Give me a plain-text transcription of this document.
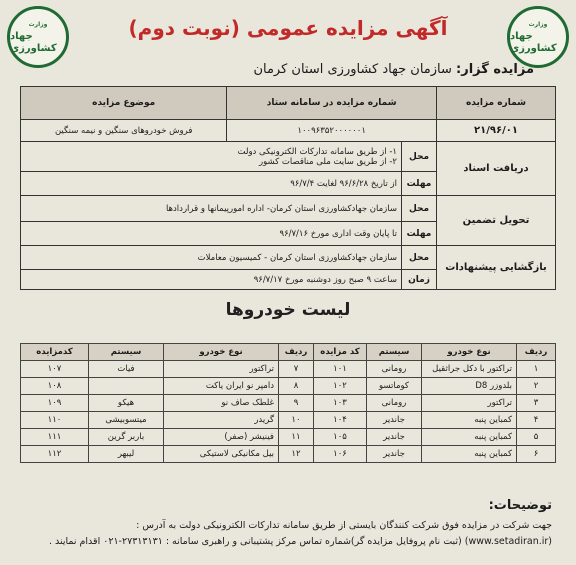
وزارت
جهاد کشاورزی
وزارت
جهاد کشاورزی
آگهی مزایده عمومی (نوبت دوم)
مزایده گزار: سازمان جهاد کشاورزی استان کرمان
شماره مزایده	شماره مزایده در سامانه ستاد		موضوع مزایده
۲۱/۹۶/۰۱	۱۰۰۹۶۳۵۲۰۰۰۰۰۰۱		فروش خودروهای سنگین و نیمه سنگین
دریافت اسناد	محل	۱- از طریق سامانه تدارکات الکترونیکی دولت
۲- از طریق سایت ملی مناقصات کشور	

	مهلت	از تاریخ ۹۶/۶/۲۸ لغایت ۹۶/۷/۴	
تحویل تضمین	محل	سازمان جهادکشاورزی استان کرمان- اداره امورپیمانها و قراردادها	
	مهلت	تا پایان وقت اداری مورخ ۹۶/۷/۱۶	
بازگشایی پیشنهادات	محل	سازمان جهادکشاورزی استان کرمان - کمیسیون معاملات	
	زمان	ساعت ۹ صبح روز دوشنبه مورخ ۹۶/۷/۱۷	
لیست خودروها
ردیف	نوع خودرو	سیستم	کد مزایده	ردیف	نوع خودرو	سیستم	کدمزایده
۱	تراکتور با دکل جراثقیل	رومانی	۱۰۱	۷	تراکتور	فیات	۱۰۷
۲	بلدوزر D8	کوماتسو	۱۰۲	۸	دامپر نو ایران یاکت		۱۰۸
۳	تراکتور	رومانی	۱۰۳	۹	غلطک صاف نو	هیکو	۱۰۹
۴	کمباین پنبه	جاندیر	۱۰۴	۱۰	گریدر	میتسوبیشی	۱۱۰
۵	کمباین پنبه	جاندیر	۱۰۵	۱۱	فینیشر (صفر)	باربر گرین	۱۱۱
۶	کمباین پنبه	جاندیر	۱۰۶	۱۲	بیل مکانیکی لاستیکی	لیبهر	۱۱۲
توضیحات:
جهت شرکت در مزایده فوق شرکت کنندگان بایستی از طریق سامانه تدارکات الکترونیکی دولت به آدرس :
(www.setadiran.ir) (ثبت نام پروفایل مزایده گر)شماره تماس مرکز پشتیبانی و راهبری سامانه : ۲۷۳۱۳۱۳۱-۰۲۱ اقدام نمایند .
